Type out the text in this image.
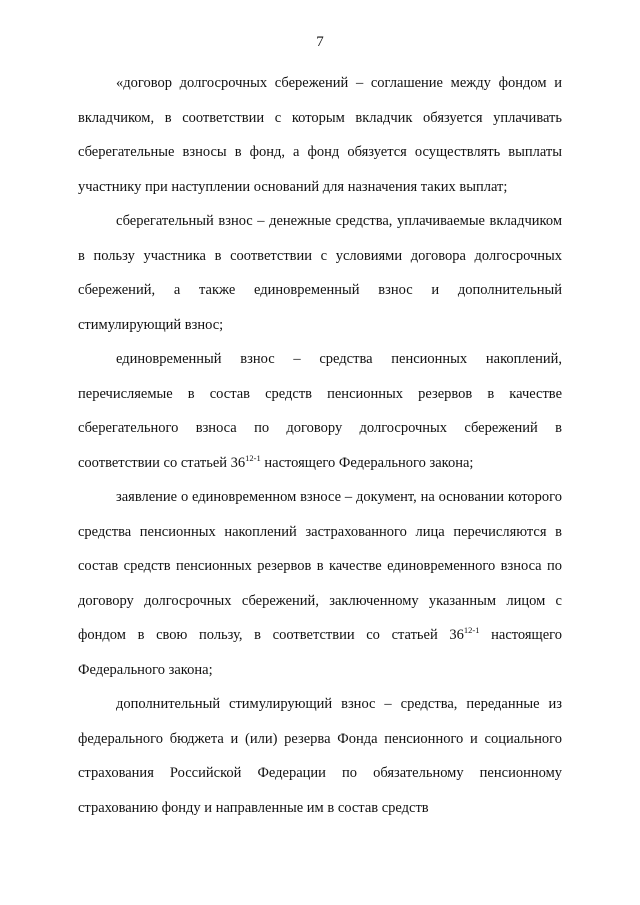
7

«договор долгосрочных сбережений – соглашение между фондом и вкладчиком, в соответствии с которым вкладчик обязуется уплачивать сберегательные взносы в фонд, а фонд обязуется осуществлять выплаты участнику при наступлении оснований для назначения таких выплат;

сберегательный взнос – денежные средства, уплачиваемые вкладчиком в пользу участника в соответствии с условиями договора долгосрочных сбережений, а также единовременный взнос и дополнительный стимулирующий взнос;

единовременный взнос – средства пенсионных накоплений, перечисляемые в состав средств пенсионных резервов в качестве сберегательного взноса по договору долгосрочных сбережений в соответствии со статьей 36$^{12-1}$ настоящего Федерального закона;

заявление о единовременном взносе – документ, на основании которого средства пенсионных накоплений застрахованного лица перечисляются в состав средств пенсионных резервов в качестве единовременного взноса по договору долгосрочных сбережений, заключенному указанным лицом с фондом в свою пользу, в соответствии со статьей 36$^{12-1}$ настоящего Федерального закона;

дополнительный стимулирующий взнос – средства, переданные из федерального бюджета и (или) резерва Фонда пенсионного и социального страхования Российской Федерации по обязательному пенсионному страхованию фонду и направленные им в состав средств
